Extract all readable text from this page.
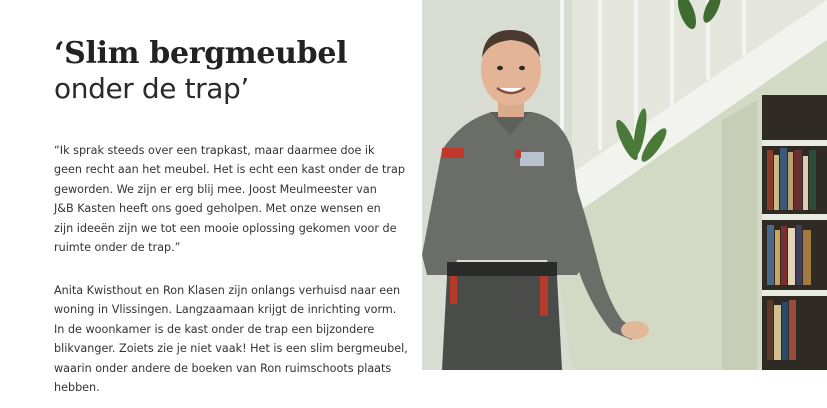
‘Slim bergmeubel
onder de trap’

“Ik sprak steeds over een trapkast, maar daarmee doe ik
geen recht aan het meubel. Het is echt een kast onder de trap
geworden. We zijn er erg blij mee. Joost Meulmeester van
J&B Kasten heeft ons goed geholpen. Met onze wensen en
zijn ideeën zijn we tot een mooie oplossing gekomen voor de
ruimte onder de trap.”

Anita Kwisthout en Ron Klasen zijn onlangs verhuisd naar een
woning in Vlissingen. Langzaamaan krijgt de inrichting vorm.
In de woonkamer is de kast onder de trap een bijzondere
blikvanger. Zoiets zie je niet vaak! Het is een slim bergmeubel,
waarin onder andere de boeken van Ron ruimschoots plaats
hebben.
